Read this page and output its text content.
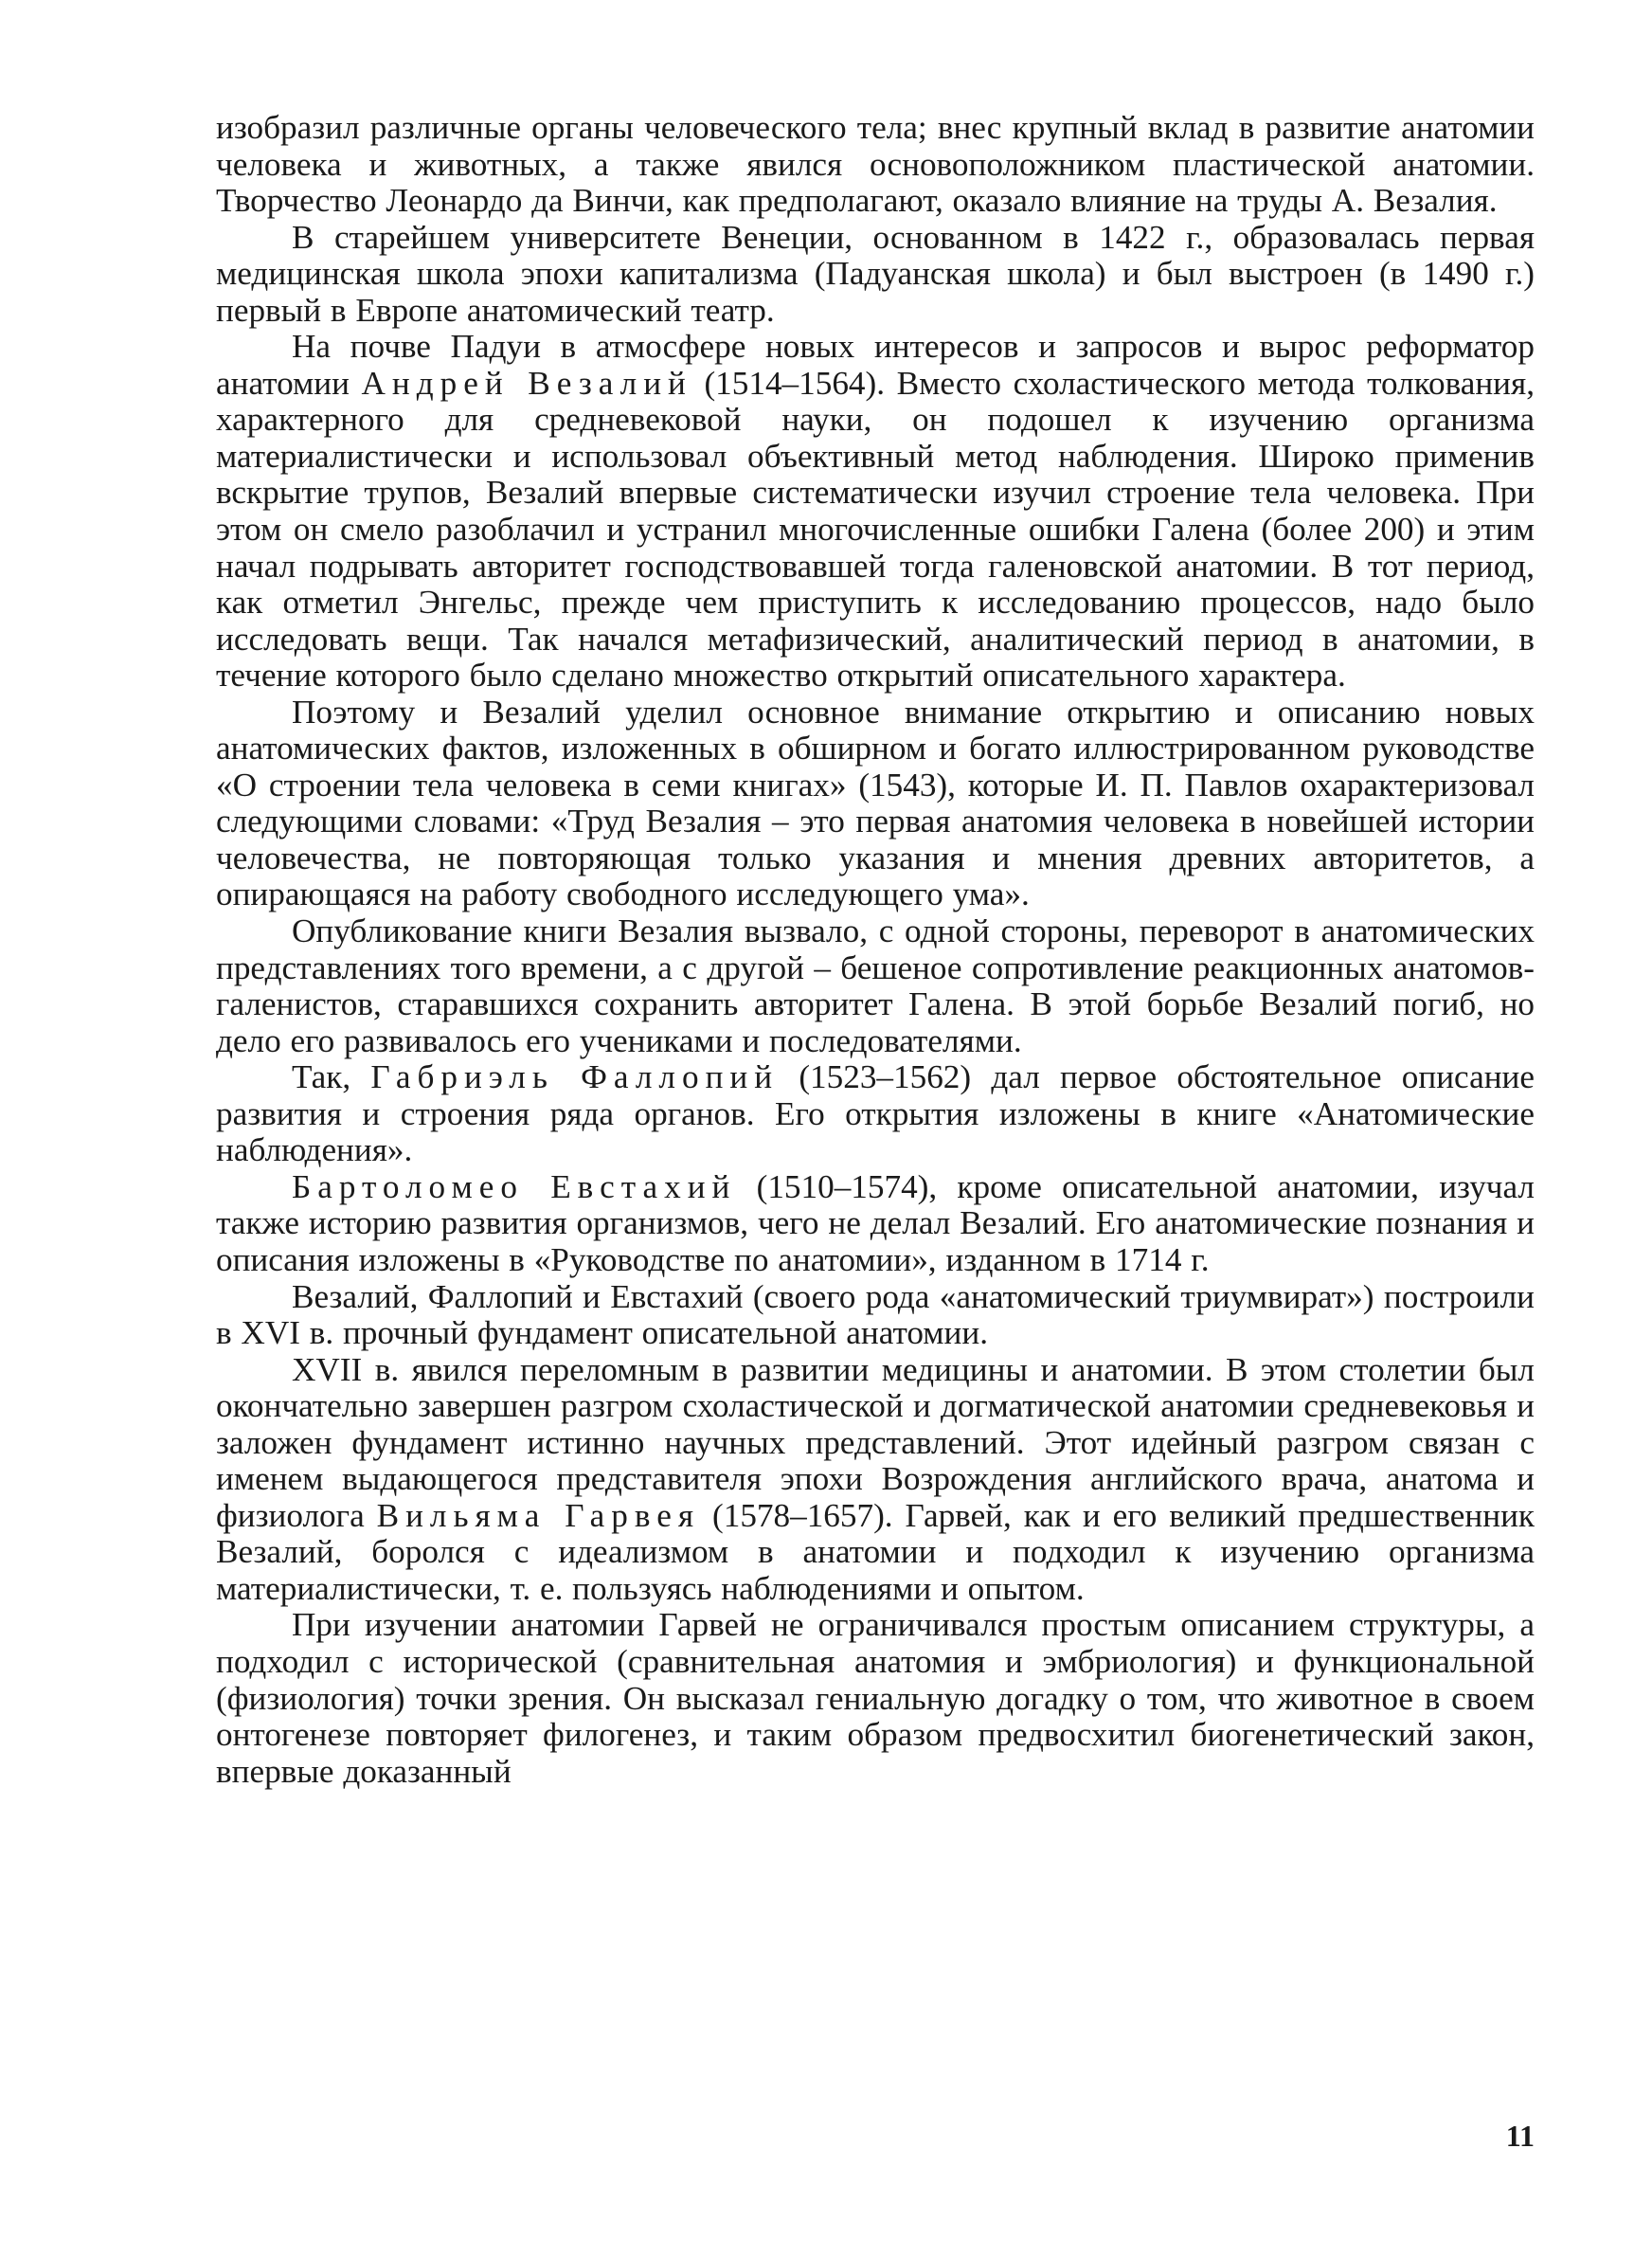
изобразил различные органы человеческого тела; внес крупный вклад в развитие анатомии человека и животных, а также явился основоположником пластической анатомии. Творчество Леонардо да Винчи, как предполагают, оказало влияние на труды А. Везалия.

В старейшем университете Венеции, основанном в 1422 г., образовалась первая медицинская школа эпохи капитализма (Падуанская школа) и был выстроен (в 1490 г.) первый в Европе анатомический театр.

На почве Падуи в атмосфере новых интересов и запросов и вырос реформатор анатомии Андрей Везалий (1514–1564). Вместо схоластического метода толкования, характерного для средневековой науки, он подошел к изучению организма материалистически и использовал объективный метод наблюдения. Широко применив вскрытие трупов, Везалий впервые систематически изучил строение тела человека. При этом он смело разоблачил и устранил многочисленные ошибки Галена (более 200) и этим начал подрывать авторитет господствовавшей тогда галеновской анатомии. В тот период, как отметил Энгельс, прежде чем приступить к исследованию процессов, надо было исследовать вещи. Так начался метафизический, аналитический период в анатомии, в течение которого было сделано множество открытий описательного характера.

Поэтому и Везалий уделил основное внимание открытию и описанию новых анатомических фактов, изложенных в обширном и богато иллюстрированном руководстве «О строении тела человека в семи книгах» (1543), которые И. П. Павлов охарактеризовал следующими словами: «Труд Везалия – это первая анатомия человека в новейшей истории человечества, не повторяющая только указания и мнения древних авторитетов, а опирающаяся на работу свободного исследующего ума».

Опубликование книги Везалия вызвало, с одной стороны, переворот в анатомических представлениях того времени, а с другой – бешеное сопротивление реакционных анатомов-галенистов, старавшихся сохранить авторитет Галена. В этой борьбе Везалий погиб, но дело его развивалось его учениками и последователями.

Так, Габриэль Фаллопий (1523–1562) дал первое обстоятельное описание развития и строения ряда органов. Его открытия изложены в книге «Анатомические наблюдения».

Бартоломео Евстахий (1510–1574), кроме описательной анатомии, изучал также историю развития организмов, чего не делал Везалий. Его анатомические познания и описания изложены в «Руководстве по анатомии», изданном в 1714 г.

Везалий, Фаллопий и Евстахий (своего рода «анатомический триумвират») построили в XVI в. прочный фундамент описательной анатомии.

XVII в. явился переломным в развитии медицины и анатомии. В этом столетии был окончательно завершен разгром схоластической и догматической анатомии средневековья и заложен фундамент истинно научных представлений. Этот идейный разгром связан с именем выдающегося представителя эпохи Возрождения английского врача, анатома и физиолога Вильяма Гарвея (1578–1657). Гарвей, как и его великий предшественник Везалий, боролся с идеализмом в анатомии и подходил к изучению организма материалистически, т. е. пользуясь наблюдениями и опытом.

При изучении анатомии Гарвей не ограничивался простым описанием структуры, а подходил с исторической (сравнительная анатомия и эмбриология) и функциональной (физиология) точки зрения. Он высказал гениальную догадку о том, что животное в своем онтогенезе повторяет филогенез, и таким образом предвосхитил биогенетический закон, впервые доказанный

11
